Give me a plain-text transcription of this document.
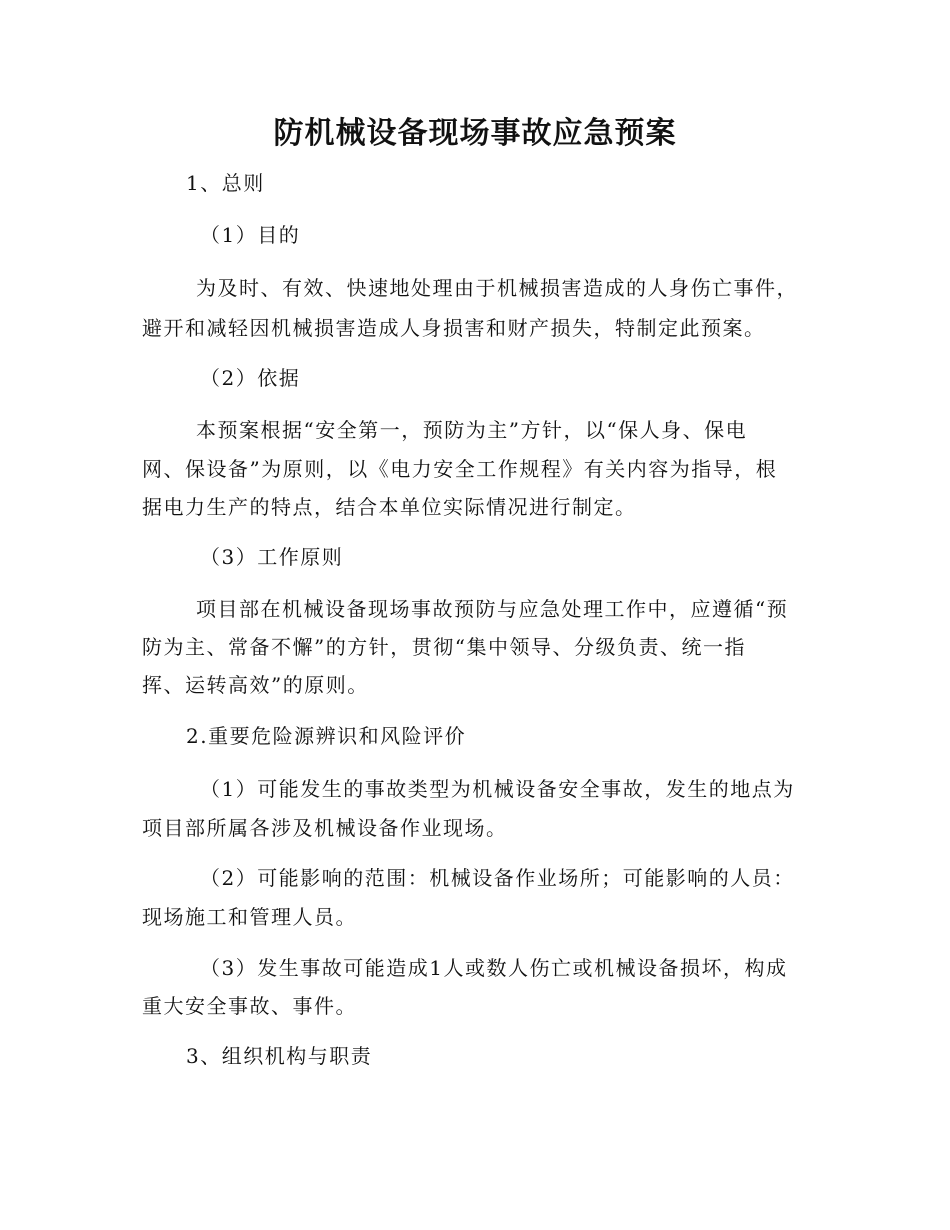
防机械设备现场事故应急预案
1、总则
（1）目的
为及时、有效、快速地处理由于机械损害造成的人身伤亡事件，
避开和减轻因机械损害造成人身损害和财产损失，特制定此预案。
（2）依据
本预案根据“安全第一，预防为主”方针，以“保人身、保电
网、保设备”为原则，以《电力安全工作规程》有关内容为指导，根
据电力生产的特点，结合本单位实际情况进行制定。
（3）工作原则
项目部在机械设备现场事故预防与应急处理工作中，应遵循“预
防为主、常备不懈”的方针，贯彻“集中领导、分级负责、统一指
挥、运转高效”的原则。
2.重要危险源辨识和风险评价
（1）可能发生的事故类型为机械设备安全事故，发生的地点为
项目部所属各涉及机械设备作业现场。
（2）可能影响的范围：机械设备作业场所；可能影响的人员：
现场施工和管理人员。
（3）发生事故可能造成1人或数人伤亡或机械设备损坏，构成
重大安全事故、事件。
3、组织机构与职责
